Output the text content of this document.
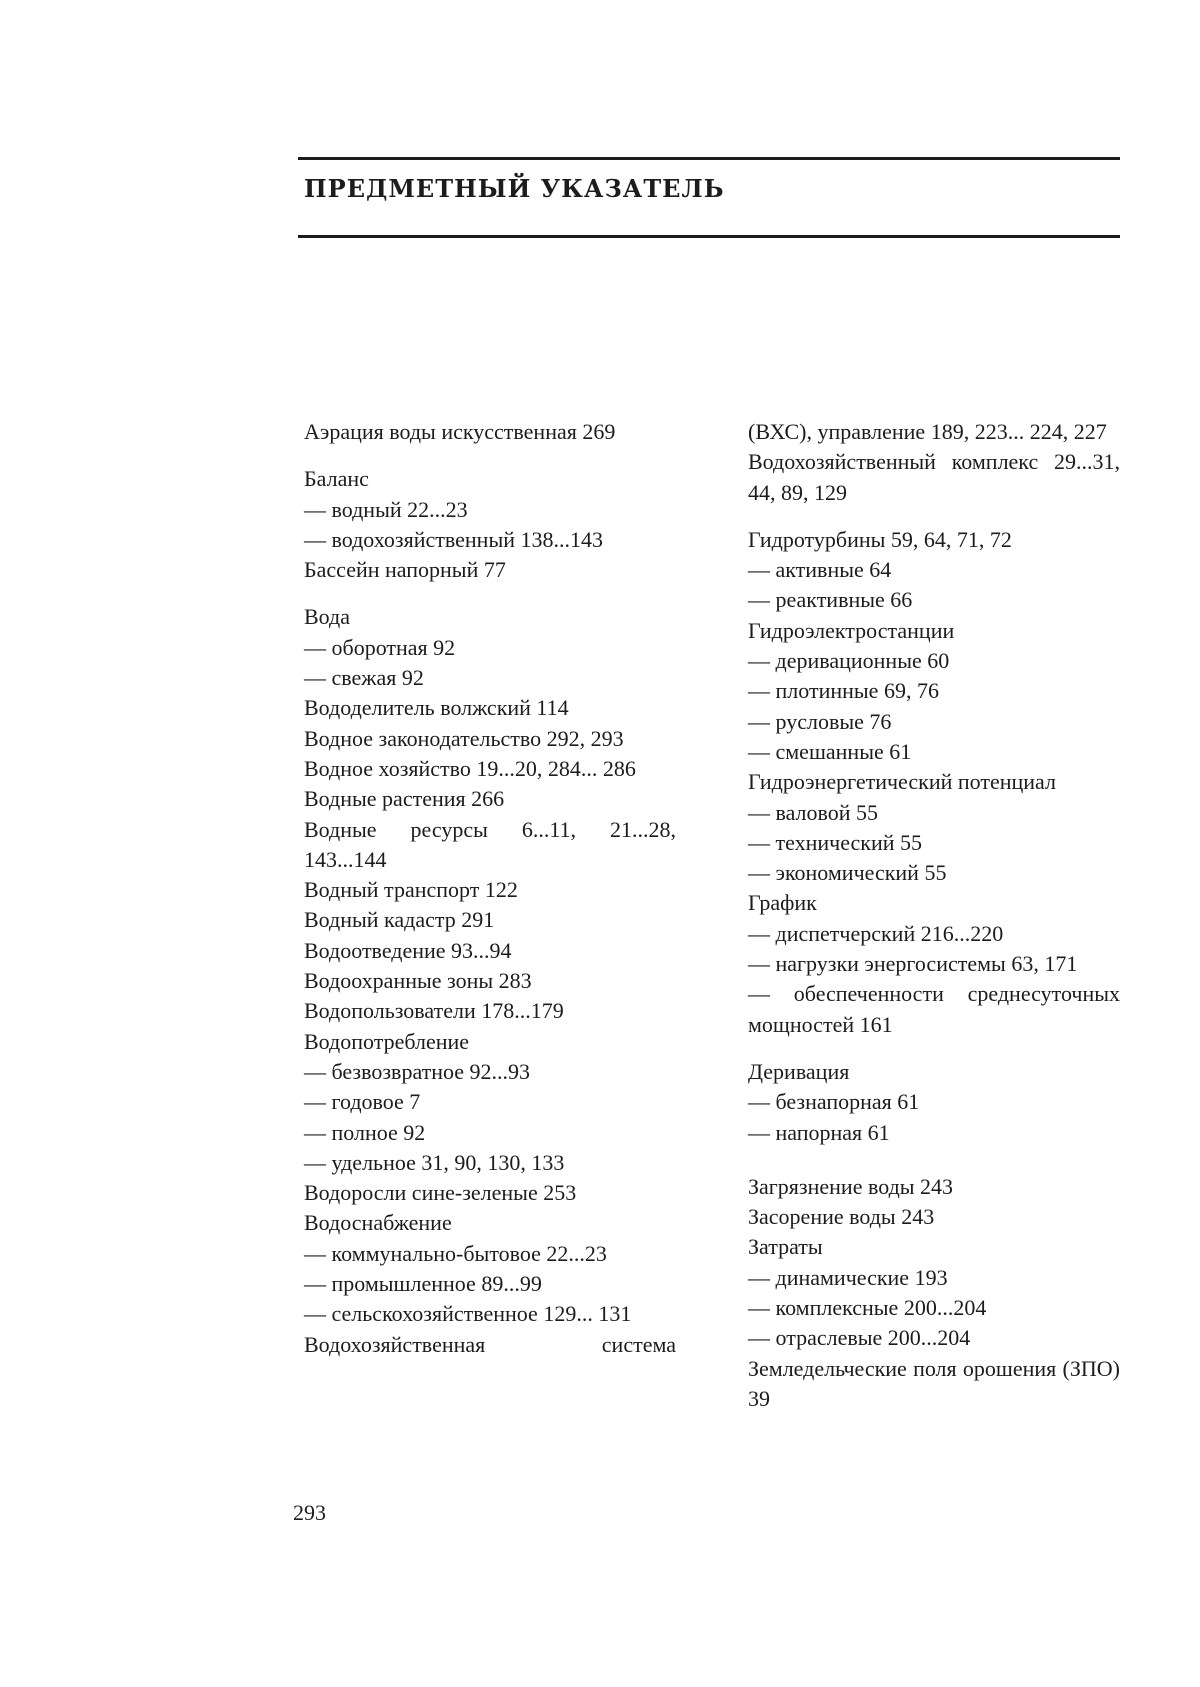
ПРЕДМЕТНЫЙ УКАЗАТЕЛЬ

Аэрация воды искусственная 269

Баланс

— водный 22...23

— водохозяйственный 138...143

Бассейн напорный 77

Вода

— оборотная 92

— свежая 92

Вододелитель волжский 114

Водное законодательство 292, 293

Водное хозяйство 19...20, 284... 286

Водные растения 266

Водные ресурсы 6...11, 21...28, 143...144

Водный транспорт 122

Водный кадастр 291

Водоотведение 93...94

Водоохранные зоны 283

Водопользователи 178...179

Водопотребление

— безвозвратное 92...93

— годовое 7

— полное 92

— удельное 31, 90, 130, 133

Водоросли сине-зеленые 253

Водоснабжение

— коммунально-бытовое 22...23

— промышленное 89...99

— сельскохозяйственное 129... 131

Водохозяйственная система

(ВХС), управление 189, 223... 224, 227

Водохозяйственный комплекс 29...31, 44, 89, 129

Гидротурбины 59, 64, 71, 72

— активные 64

— реактивные 66

Гидроэлектростанции

— деривационные 60

— плотинные 69, 76

— русловые 76

— смешанные 61

Гидроэнергетический потенциал

— валовой 55

— технический 55

— экономический 55

График

— диспетчерский 216...220

— нагрузки энергосистемы 63, 171

— обеспеченности среднесуточных мощностей 161

Деривация

— безнапорная 61

— напорная 61

Загрязнение воды 243

Засорение воды 243

Затраты

— динамические 193

— комплексные 200...204

— отраслевые 200...204

Земледельческие поля орошения (ЗПО) 39

293
